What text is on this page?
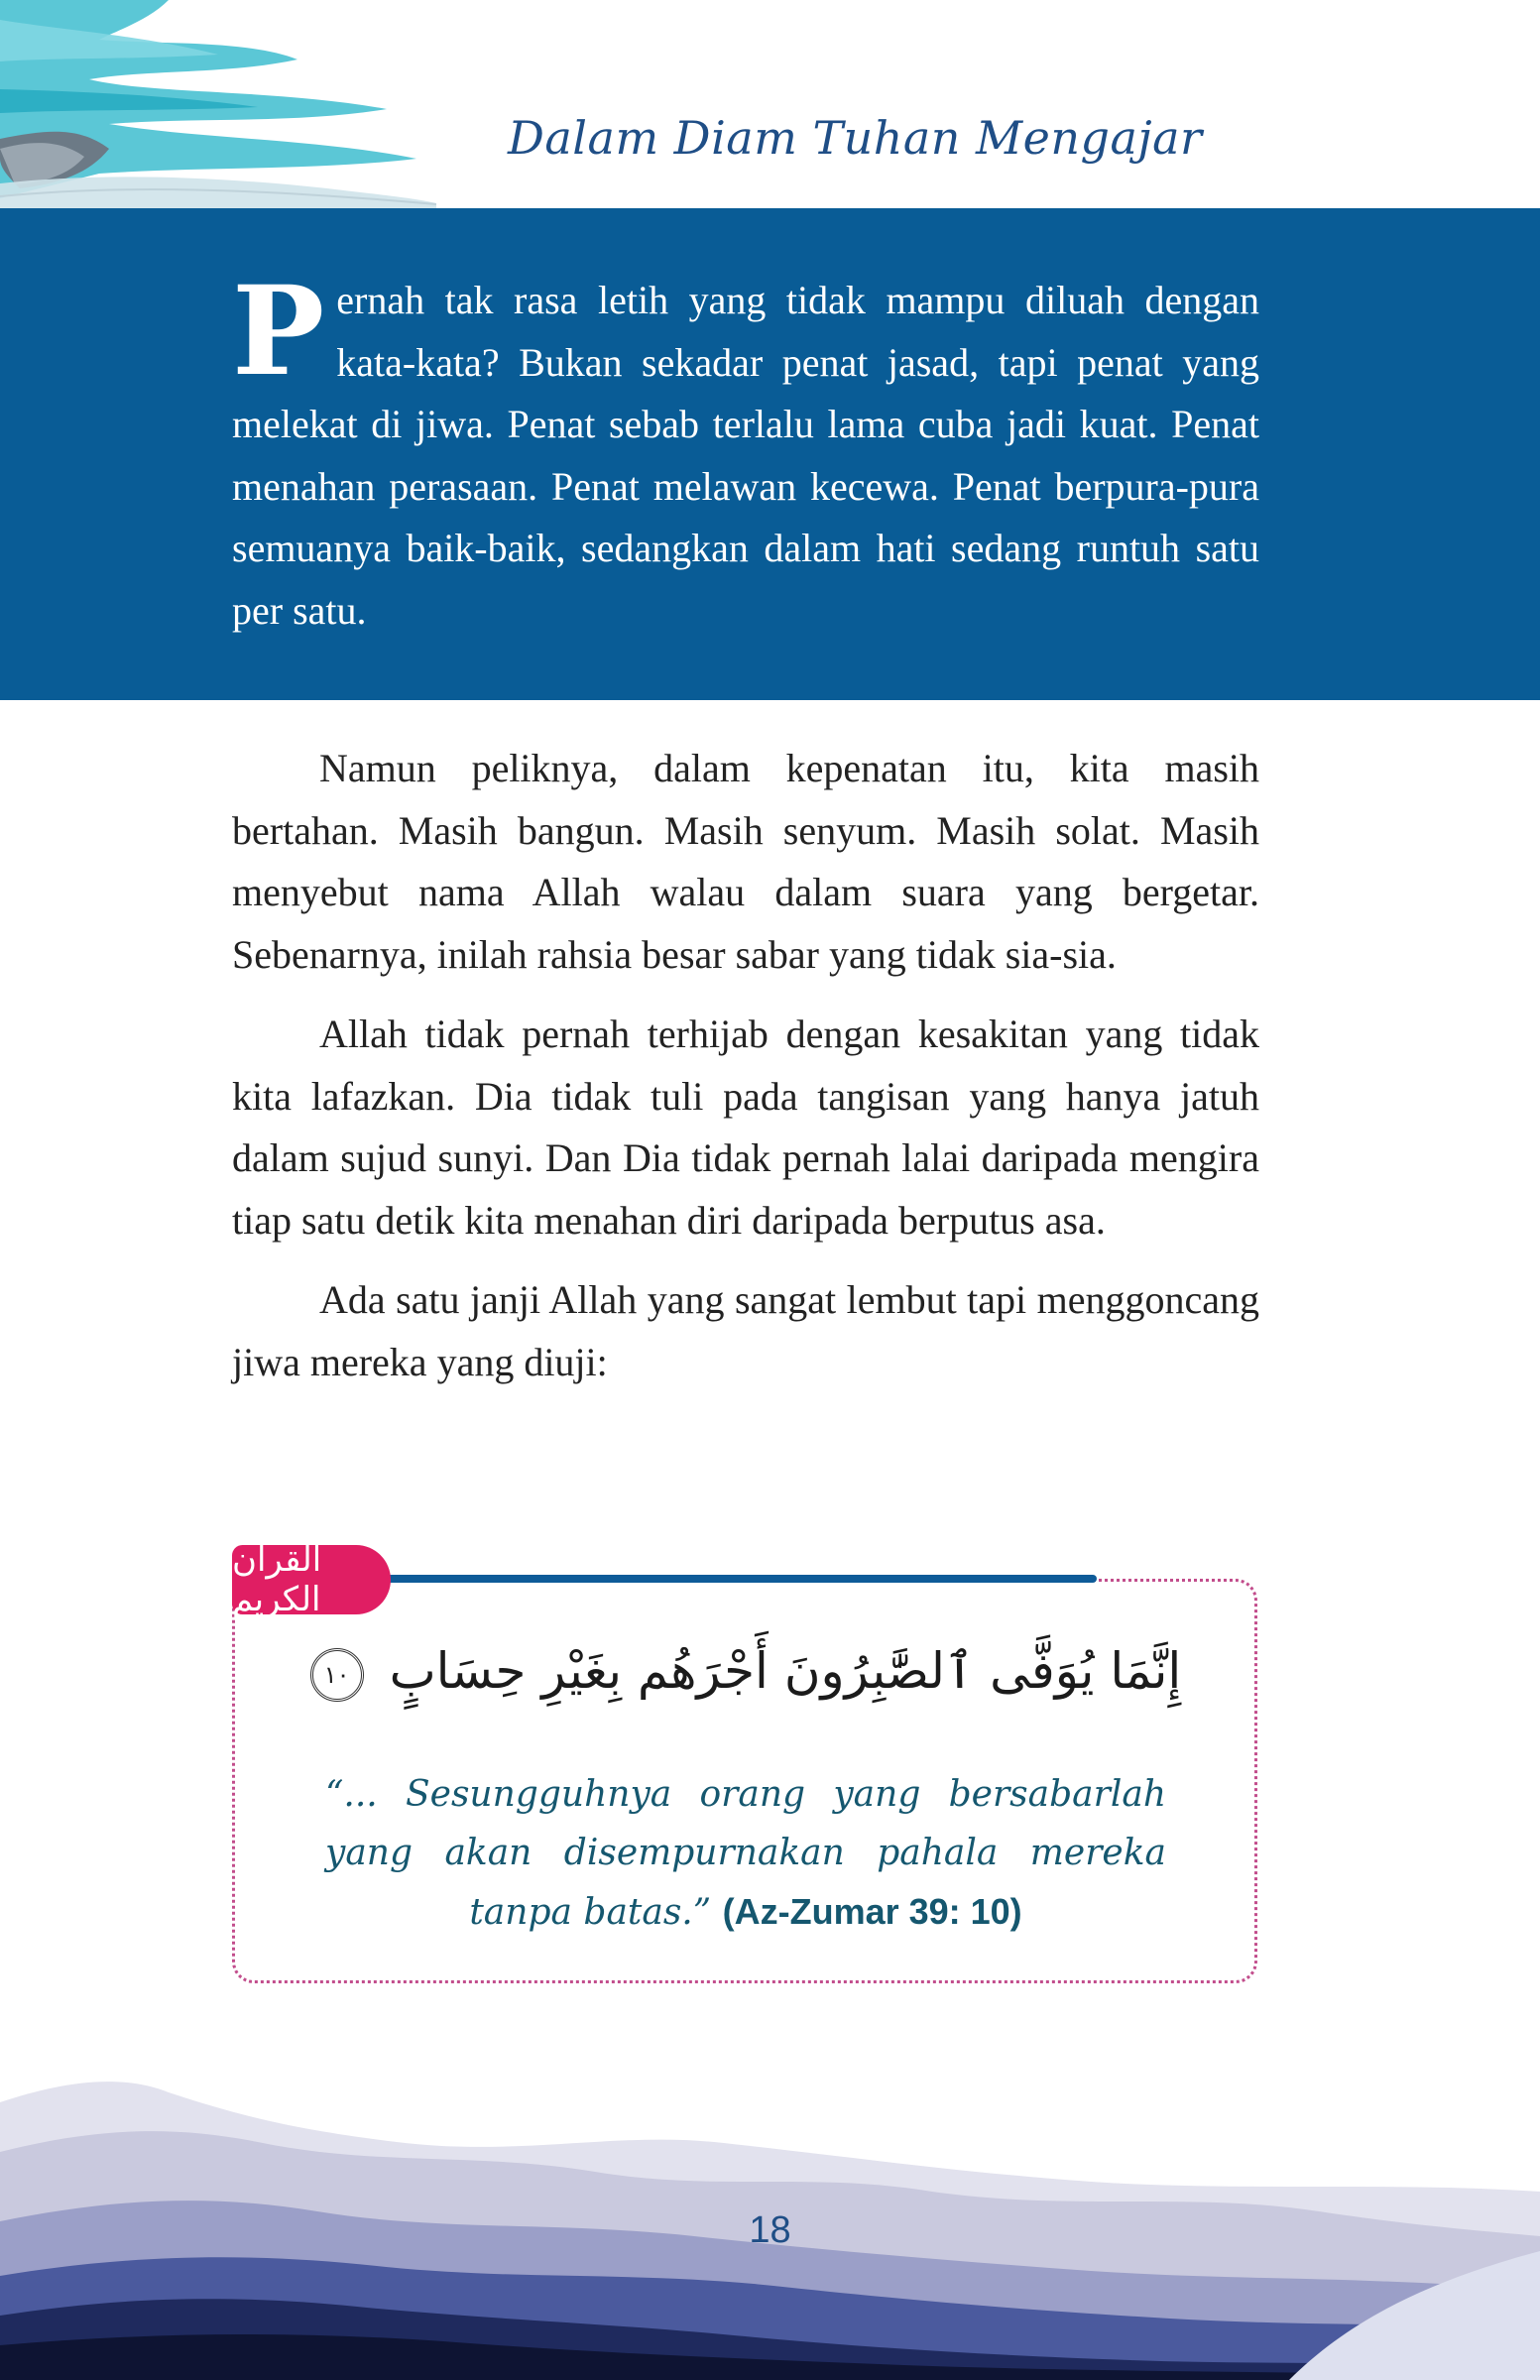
Dalam Diam Tuhan Mengajar

Pernah tak rasa letih yang tidak mampu diluah dengan kata-kata? Bukan sekadar penat jasad, tapi penat yang melekat di jiwa. Penat sebab terlalu lama cuba jadi kuat. Penat menahan perasaan. Penat melawan kecewa. Penat berpura-pura semuanya baik-baik, sedangkan dalam hati sedang runtuh satu per satu.

Namun peliknya, dalam kepenatan itu, kita masih bertahan. Masih bangun. Masih senyum. Masih solat. Masih menyebut nama Allah walau dalam suara yang bergetar. Sebenarnya, inilah rahsia besar sabar yang tidak sia-sia.

Allah tidak pernah terhijab dengan kesakitan yang tidak kita lafazkan. Dia tidak tuli pada tangisan yang hanya jatuh dalam sujud sunyi. Dan Dia tidak pernah lalai daripada mengira tiap satu detik kita menahan diri daripada berputus asa.

Ada satu janji Allah yang sangat lembut tapi menggoncang jiwa mereka yang diuji:

القرآن الكريم
إِنَّمَا يُوَفَّى ٱلصَّٰبِرُونَ أَجْرَهُم بِغَيْرِ حِسَابٍ ١٠

“... Sesungguhnya orang yang bersabarlah yang akan disempurnakan pahala mereka tanpa batas.” (Az-Zumar 39: 10)

18
